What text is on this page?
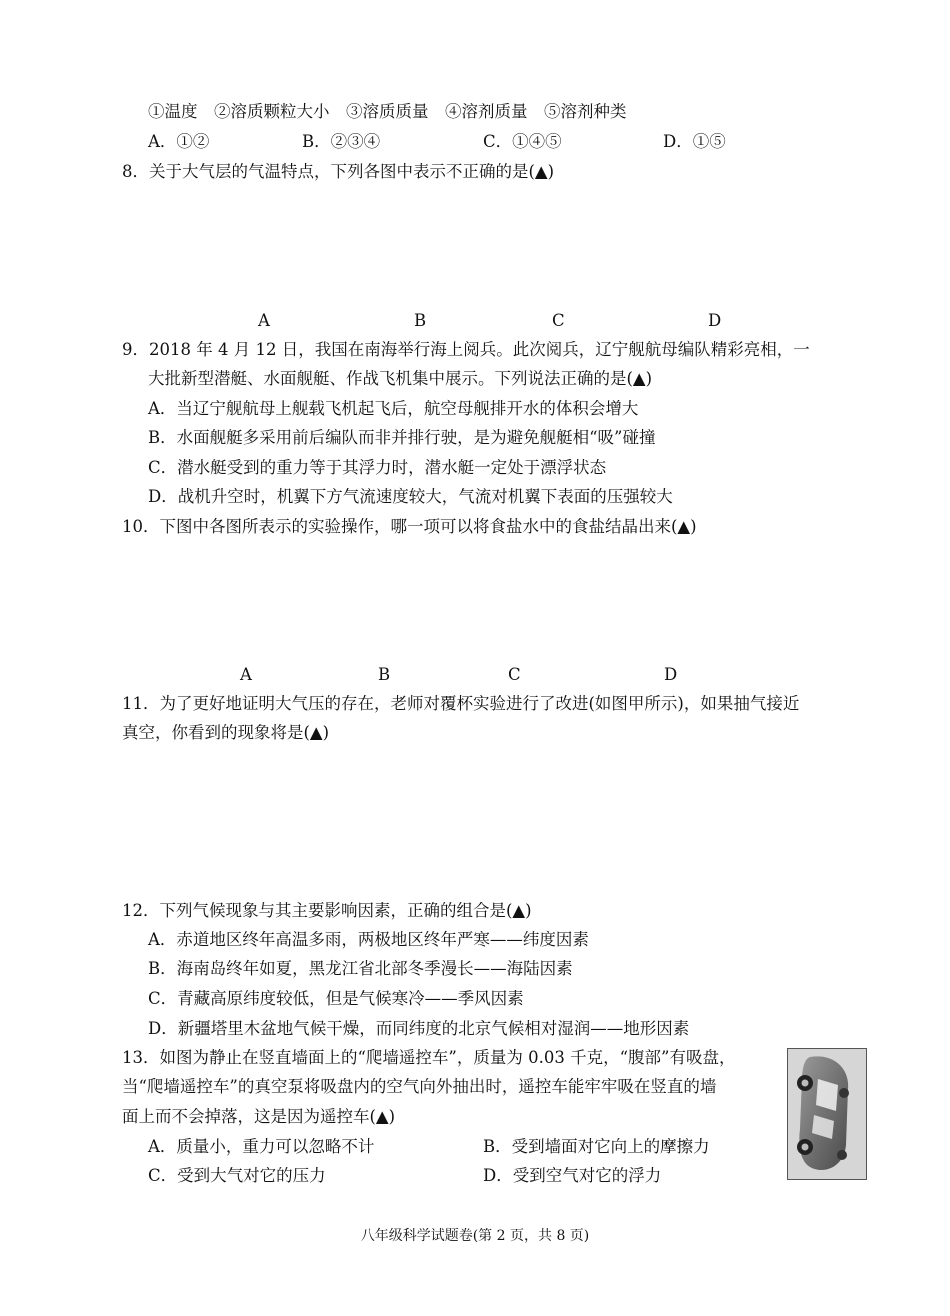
①温度　②溶质颗粒大小　③溶质质量　④溶剂质量　⑤溶剂种类
A．①②	B．②③④	C．①④⑤	D．①⑤
8．关于大气层的气温特点，下列各图中表示不正确的是(▲)
A	B	C	D
9．2018 年 4 月 12 日，我国在南海举行海上阅兵。此次阅兵，辽宁舰航母编队精彩亮相，一
大批新型潜艇、水面舰艇、作战飞机集中展示。下列说法正确的是(▲)
A．当辽宁舰航母上舰载飞机起飞后，航空母舰排开水的体积会增大
B．水面舰艇多采用前后编队而非并排行驶，是为避免舰艇相“吸”碰撞
C．潜水艇受到的重力等于其浮力时，潜水艇一定处于漂浮状态
D．战机升空时，机翼下方气流速度较大，气流对机翼下表面的压强较大
10．下图中各图所表示的实验操作，哪一项可以将食盐水中的食盐结晶出来(▲)
A	B	C	D
11．为了更好地证明大气压的存在，老师对覆杯实验进行了改进(如图甲所示)，如果抽气接近
真空，你看到的现象将是(▲)
12．下列气候现象与其主要影响因素，正确的组合是(▲)
A．赤道地区终年高温多雨，两极地区终年严寒——纬度因素
B．海南岛终年如夏，黑龙江省北部冬季漫长——海陆因素
C．青藏高原纬度较低，但是气候寒冷——季风因素
D．新疆塔里木盆地气候干燥，而同纬度的北京气候相对湿润——地形因素
13．如图为静止在竖直墙面上的“爬墙遥控车”，质量为 0.03 千克，“腹部”有吸盘，
当“爬墙遥控车”的真空泵将吸盘内的空气向外抽出时，遥控车能牢牢吸在竖直的墙
面上而不会掉落，这是因为遥控车(▲)
A．质量小，重力可以忽略不计	B．受到墙面对它向上的摩擦力
C．受到大气对它的压力	D．受到空气对它的浮力
八年级科学试题卷(第 2 页，共 8 页)
